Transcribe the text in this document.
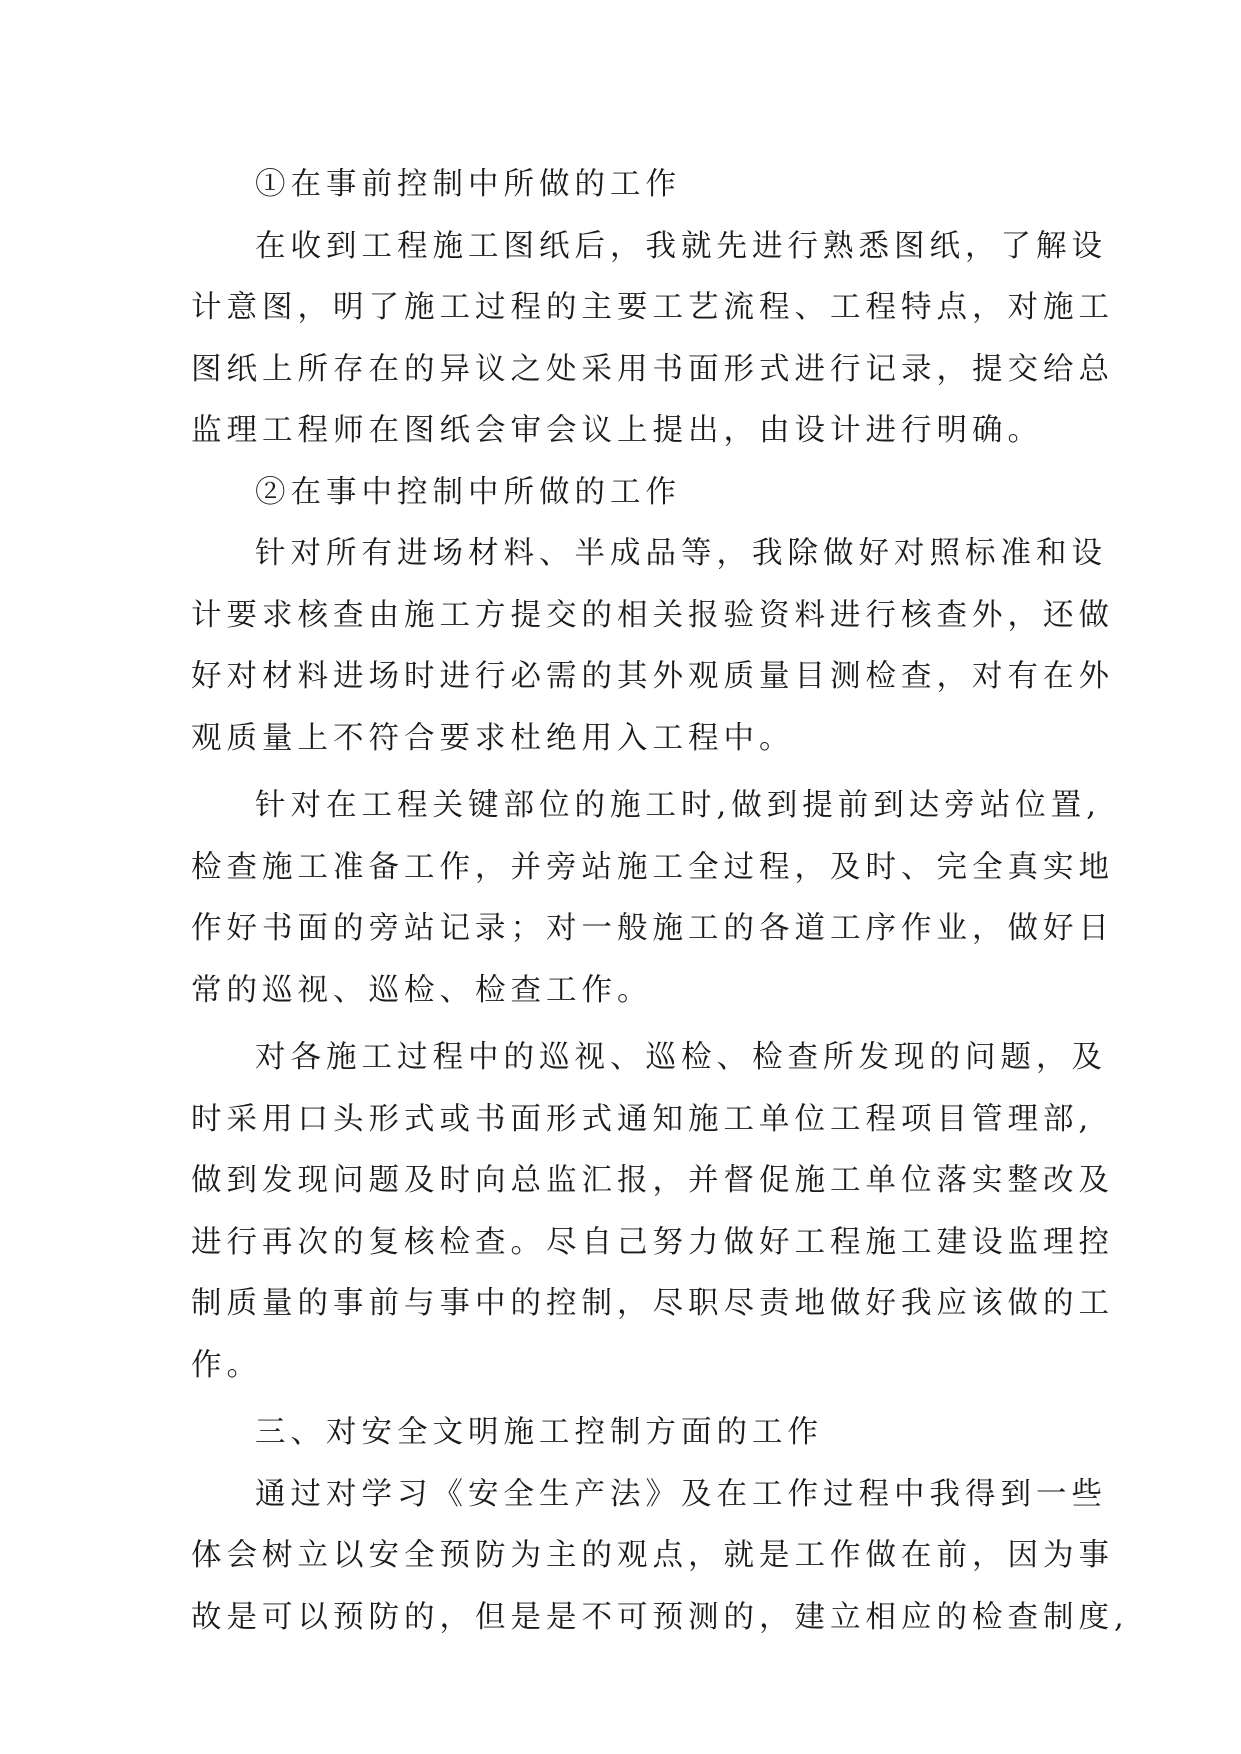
①在事前控制中所做的工作
在收到工程施工图纸后，我就先进行熟悉图纸，了解设
计意图，明了施工过程的主要工艺流程、工程特点，对施工
图纸上所存在的异议之处采用书面形式进行记录，提交给总
监理工程师在图纸会审会议上提出，由设计进行明确。
②在事中控制中所做的工作
针对所有进场材料、半成品等，我除做好对照标准和设
计要求核查由施工方提交的相关报验资料进行核查外，还做
好对材料进场时进行必需的其外观质量目测检查，对有在外
观质量上不符合要求杜绝用入工程中。
针对在工程关键部位的施工时,做到提前到达旁站位置,
检查施工准备工作，并旁站施工全过程，及时、完全真实地
作好书面的旁站记录；对一般施工的各道工序作业，做好日
常的巡视、巡检、检查工作。
对各施工过程中的巡视、巡检、检查所发现的问题，及
时采用口头形式或书面形式通知施工单位工程项目管理部,
做到发现问题及时向总监汇报，并督促施工单位落实整改及
进行再次的复核检查。尽自己努力做好工程施工建设监理控
制质量的事前与事中的控制，尽职尽责地做好我应该做的工
作。
三、对安全文明施工控制方面的工作
通过对学习《安全生产法》及在工作过程中我得到一些
体会树立以安全预防为主的观点，就是工作做在前，因为事
故是可以预防的，但是是不可预测的，建立相应的检查制度,
